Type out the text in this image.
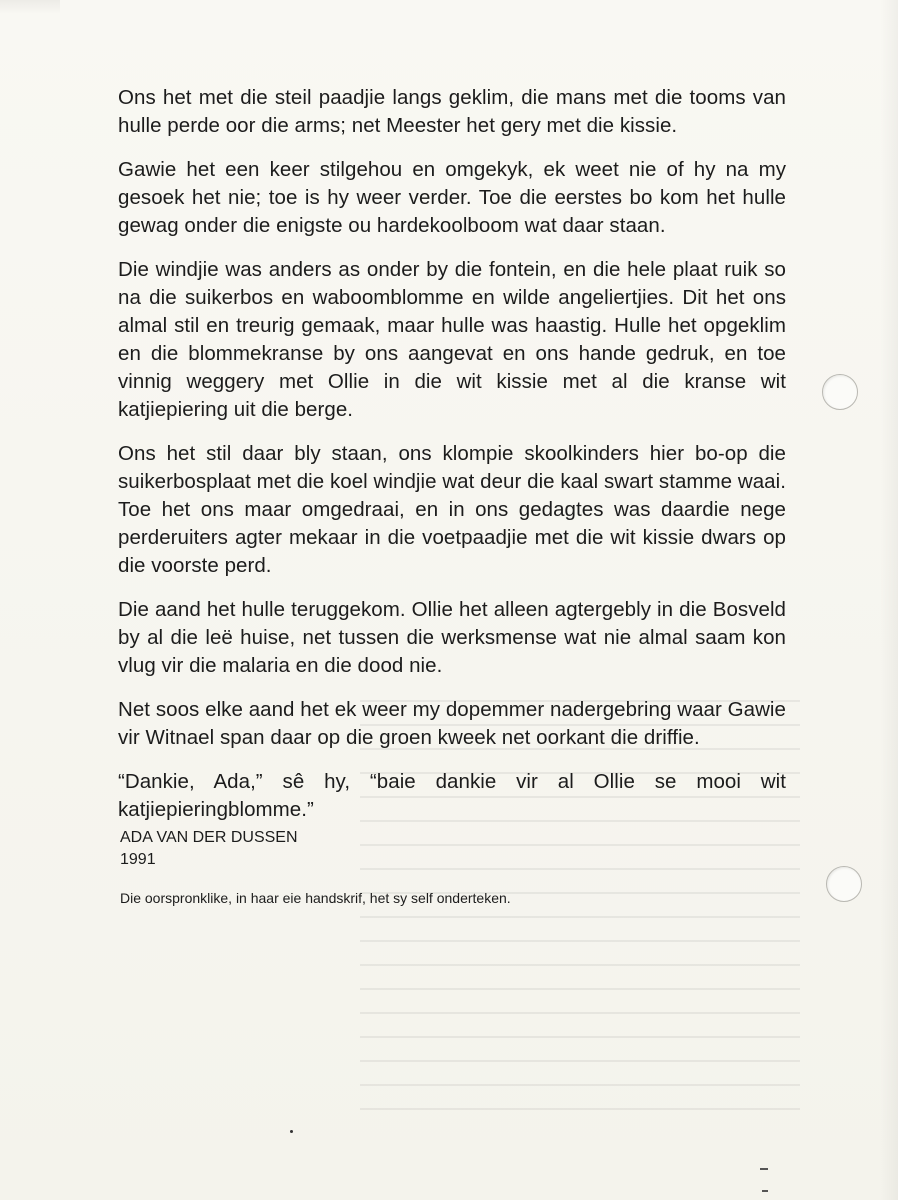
Ons het met die steil paadjie langs geklim, die mans met die tooms van hulle perde oor die arms; net Meester het gery met die kissie.

Gawie het een keer stilgehou en omgekyk, ek weet nie of hy na my gesoek het nie; toe is hy weer verder. Toe die eerstes bo kom het hulle gewag onder die enigste ou hardekoolboom wat daar staan.

Die windjie was anders as onder by die fontein, en die hele plaat ruik so na die suikerbos en waboomblomme en wilde angeliertjies. Dit het ons almal stil en treurig gemaak, maar hulle was haastig. Hulle het opgeklim en die blommekranse by ons aangevat en ons hande gedruk, en toe vinnig weggery met Ollie in die wit kissie met al die kranse wit katjiepiering uit die berge.

Ons het stil daar bly staan, ons klompie skoolkinders hier bo-op die suikerbosplaat met die koel windjie wat deur die kaal swart stamme waai. Toe het ons maar omgedraai, en in ons gedagtes was daardie nege perderuiters agter mekaar in die voetpaadjie met die wit kissie dwars op die voorste perd.

Die aand het hulle teruggekom. Ollie het alleen agtergebly in die Bosveld by al die leë huise, net tussen die werksmense wat nie almal saam kon vlug vir die malaria en die dood nie.

Net soos elke aand het ek weer my dopemmer nadergebring waar Gawie vir Witnael span daar op die groen kweek net oorkant die driffie.

“Dankie, Ada,” sê hy, “baie dankie vir al Ollie se mooi wit katjiepieringblomme.”

ADA VAN DER DUSSEN

1991

Die oorspronklike, in haar eie handskrif, het sy self onderteken.
